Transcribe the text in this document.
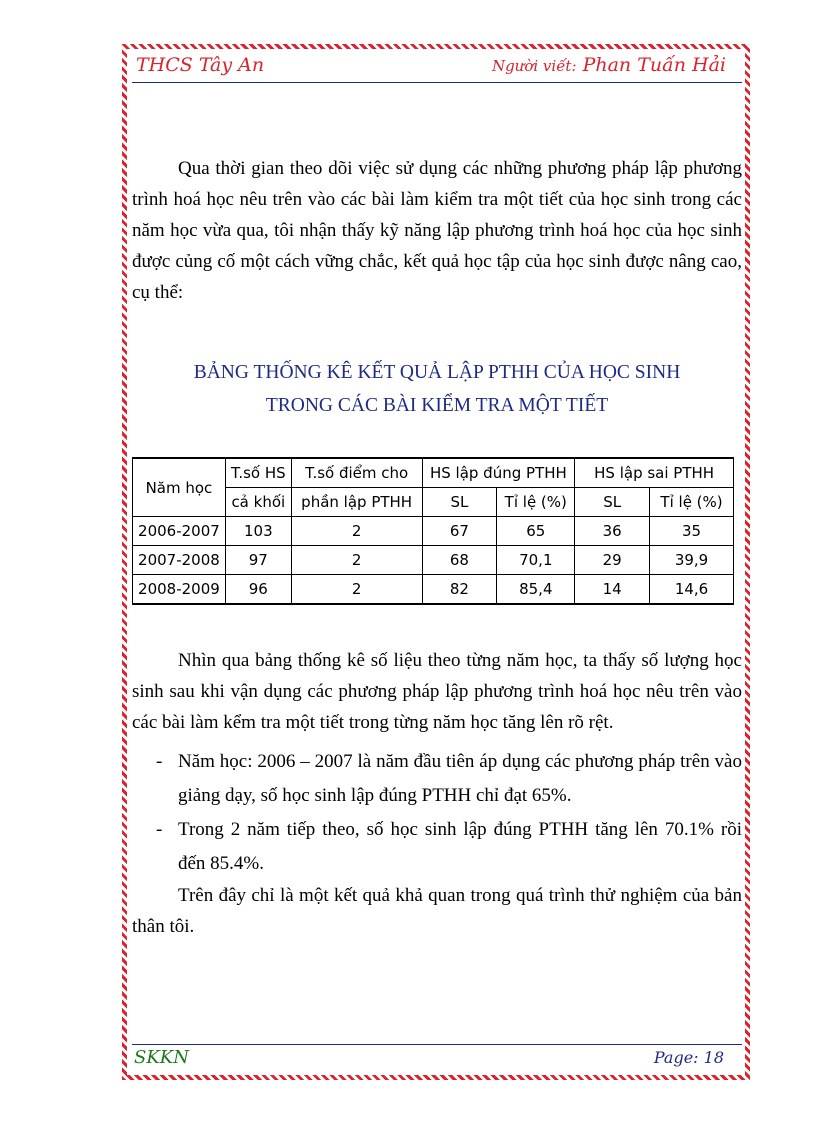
THCS Tây An	Người viết: Phan Tuấn Hải
Qua thời gian theo dõi việc sử dụng các những phương pháp lập phương trình hoá học nêu trên vào các bài làm kiểm tra một tiết của học sinh trong các năm học vừa qua, tôi nhận thấy kỹ năng lập phương trình hoá học của học sinh được củng cố một cách vững chắc, kết quả học tập của học sinh được nâng cao, cụ thể:
BẢNG THỐNG KÊ KẾT QUẢ LẬP PTHH CỦA HỌC SINH
TRONG CÁC BÀI KIỂM TRA MỘT TIẾT
Năm học	T.số HS	T.số điểm cho	HS lập đúng PTHH		HS lập sai PTHH	
	cả khối	phần lập PTHH	SL	Tỉ lệ (%)	SL	Tỉ lệ (%)
2006-2007	103	2	67	65	36	35
2007-2008	97	2	68	70,1	29	39,9
2008-2009	96	2	82	85,4	14	14,6
Nhìn qua bảng thống kê số liệu theo từng năm học, ta thấy số lượng học sinh sau khi vận dụng các phương pháp lập phương trình hoá học nêu trên vào các bài làm kểm tra một tiết trong từng năm học tăng lên rõ rệt.
- Năm học: 2006 – 2007 là năm đầu tiên áp dụng các phương pháp trên vào giảng dạy, số học sinh lập đúng PTHH chỉ đạt 65%.
- Trong 2 năm tiếp theo, số học sinh lập đúng PTHH tăng lên 70.1% rồi đến 85.4%.
Trên đây chỉ là một kết quả khả quan trong quá trình thử nghiệm của bản thân tôi.
SKKN	Page: 18
